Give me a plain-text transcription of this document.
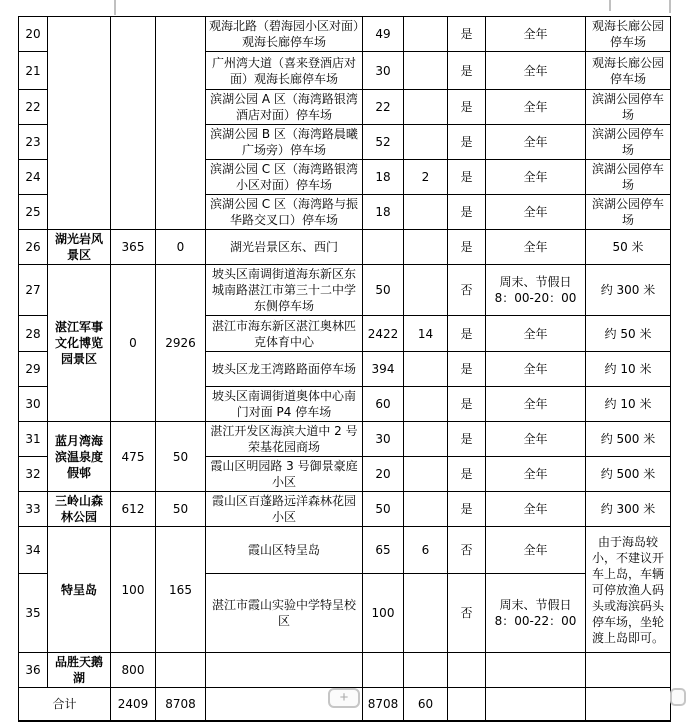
20				观海北路（碧海园小区对面）观海长廊停车场	49		是	全年	观海长廊公园停车场
21				广州湾大道（喜来登酒店对面）观海长廊停车场	30		是	全年	观海长廊公园停车场
22				滨湖公园 A 区（海湾路银湾酒店对面）停车场	22		是	全年	滨湖公园停车场
23				滨湖公园 B 区（海湾路晨曦广场旁）停车场	52		是	全年	滨湖公园停车场
24				滨湖公园 C 区（海湾路银湾小区对面）停车场	18	2	是	全年	滨湖公园停车场
25				滨湖公园 C 区（海湾路与振华路交叉口）停车场	18		是	全年	滨湖公园停车场
26	湖光岩风景区	365	0	湖光岩景区东、西门			是	全年	50 米
27	湛江军事文化博览园景区	0	2926	坡头区南调街道海东新区东城南路湛江市第三十二中学东侧停车场	50		否	周末、节假日 8：00-20：00	约 300 米
28				湛江市海东新区湛江奥林匹克体育中心	2422	14	是	全年	约 50 米
29				坡头区龙王湾路路面停车场	394		是	全年	约 10 米
30				坡头区南调街道奥体中心南门对面 P4 停车场	60		是	全年	约 10 米
31	蓝月湾海滨温泉度假邨	475	50	湛江开发区海滨大道中 2 号荣基花园商场	30		是	全年	约 500 米
32				霞山区明园路 3 号御景豪庭小区	20		是	全年	约 500 米
33	三岭山森林公园	612	50	霞山区百蓬路远洋森林花园小区	50		是	全年	约 300 米
34	特呈岛	100	165	霞山区特呈岛	65	6	否	全年	由于海岛较小，不建议开车上岛，车辆可停放渔人码头或海滨码头停车场，坐轮渡上岛即可。
35				湛江市霞山实验中学特呈校区	100		否	周末、节假日 8：00-22：00	
36	品胜天鹅湖	800							
合计		2409	8708		8708	60			
+
